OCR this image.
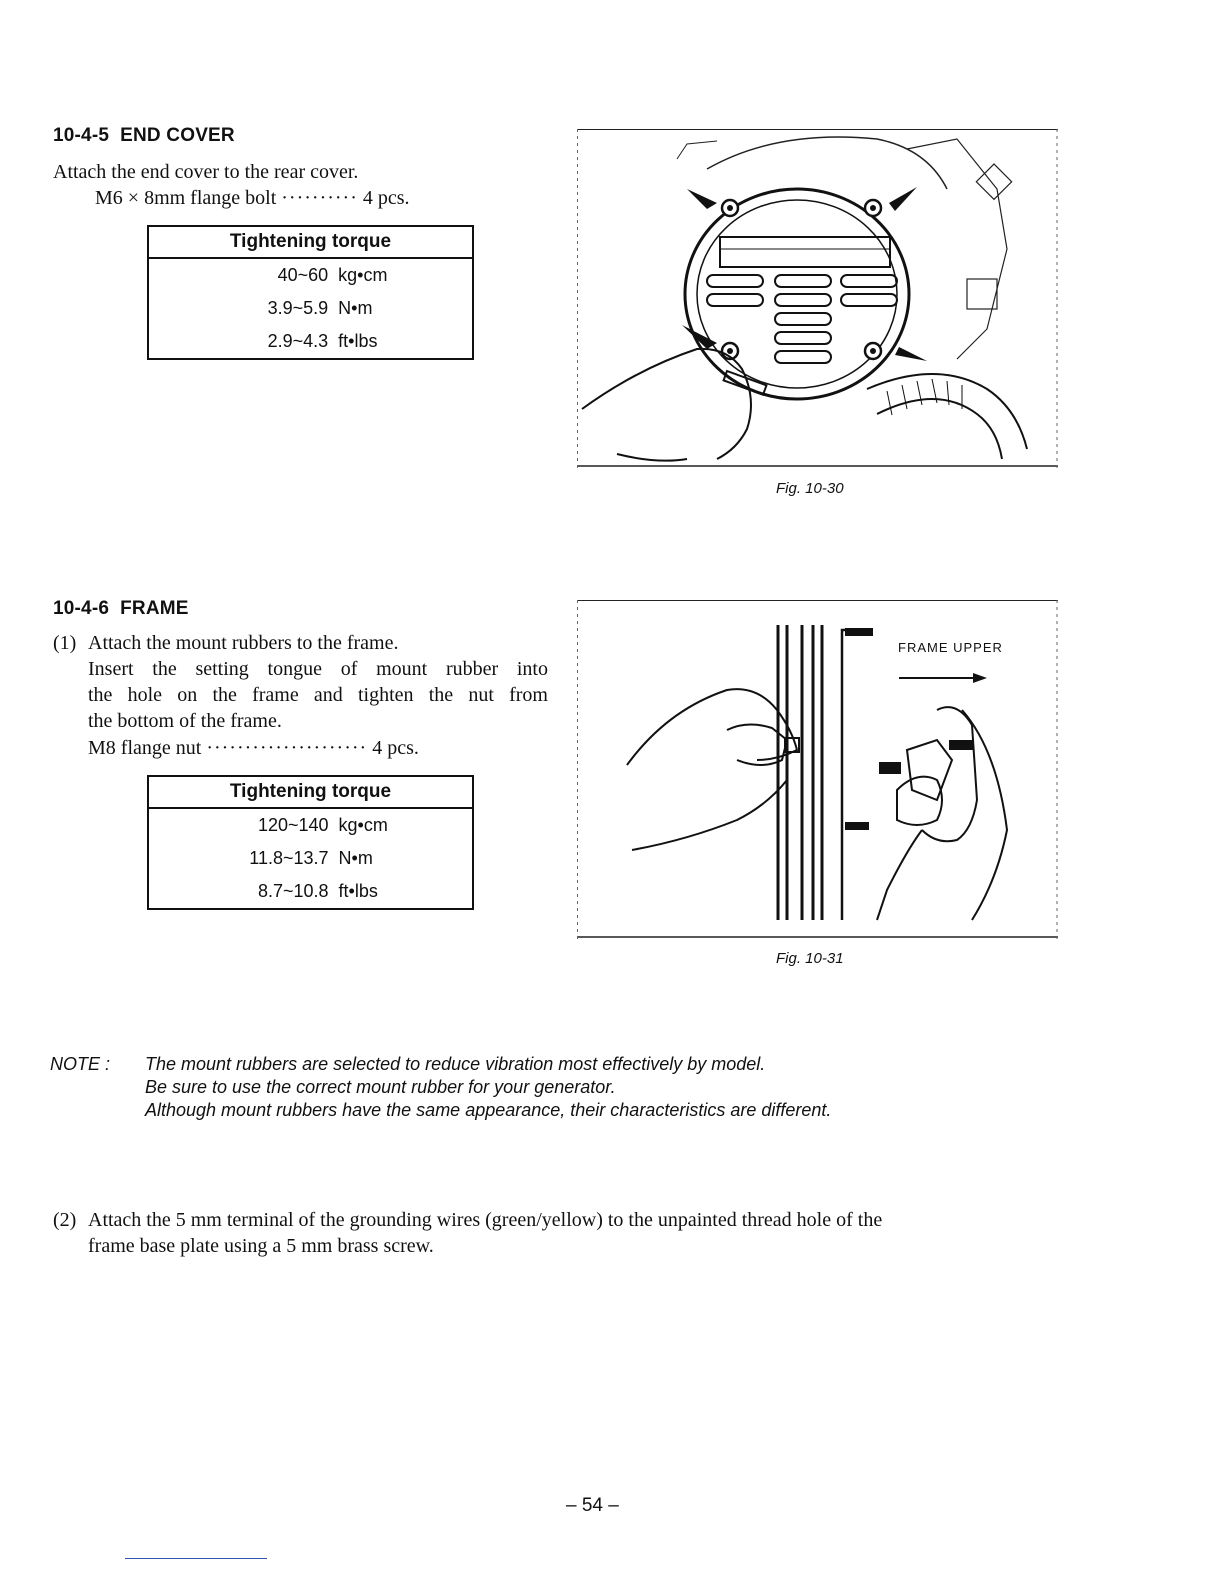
10-4-5 END COVER
Attach the end cover to the rear cover.
M6 × 8mm flange bolt ·········· 4 pcs.
Tightening torque	
40~60	kg•cm
3.9~5.9	N•m
2.9~4.3	ft•lbs
Fig. 10-30
10-4-6 FRAME
(1) Attach the mount rubbers to the frame.
Insert the setting tongue of mount rubber into
the hole on the frame and tighten the nut from
the bottom of the frame.
M8 flange nut ····················· 4 pcs.
Tightening torque	
120~140	kg•cm
11.8~13.7	N•m
8.7~10.8	ft•lbs
FRAME UPPER
Fig. 10-31
NOTE : The mount rubbers are selected to reduce vibration most effectively by model.
Be sure to use the correct mount rubber for your generator.
Although mount rubbers have the same appearance, their characteristics are different.
(2) Attach the 5 mm terminal of the grounding wires (green/yellow) to the unpainted thread hole of the
frame base plate using a 5 mm brass screw.
– 54 –
